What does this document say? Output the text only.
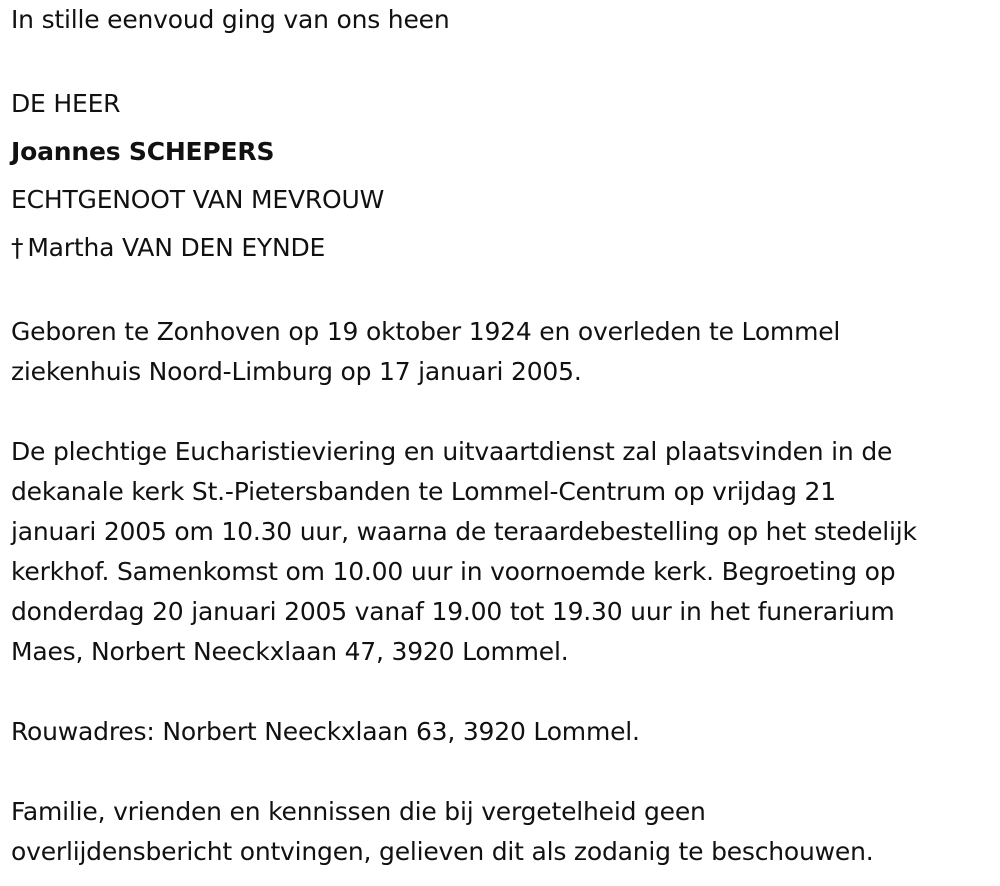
In stille eenvoud ging van ons heen
DE HEER
Joannes SCHEPERS
ECHTGENOOT VAN MEVROUW
† Martha VAN DEN EYNDE
Geboren te Zonhoven op 19 oktober 1924 en overleden te Lommel
ziekenhuis Noord-Limburg op 17 januari 2005.
De plechtige Eucharistieviering en uitvaartdienst zal plaatsvinden in de
dekanale kerk St.-Pietersbanden te Lommel-Centrum op vrijdag 21
januari 2005 om 10.30 uur, waarna de teraardebestelling op het stedelijk
kerkhof. Samenkomst om 10.00 uur in voornoemde kerk. Begroeting op
donderdag 20 januari 2005 vanaf 19.00 tot 19.30 uur in het funerarium
Maes, Norbert Neeckxlaan 47, 3920 Lommel.
Rouwadres: Norbert Neeckxlaan 63, 3920 Lommel.
Familie, vrienden en kennissen die bij vergetelheid geen
overlijdensbericht ontvingen, gelieven dit als zodanig te beschouwen.
